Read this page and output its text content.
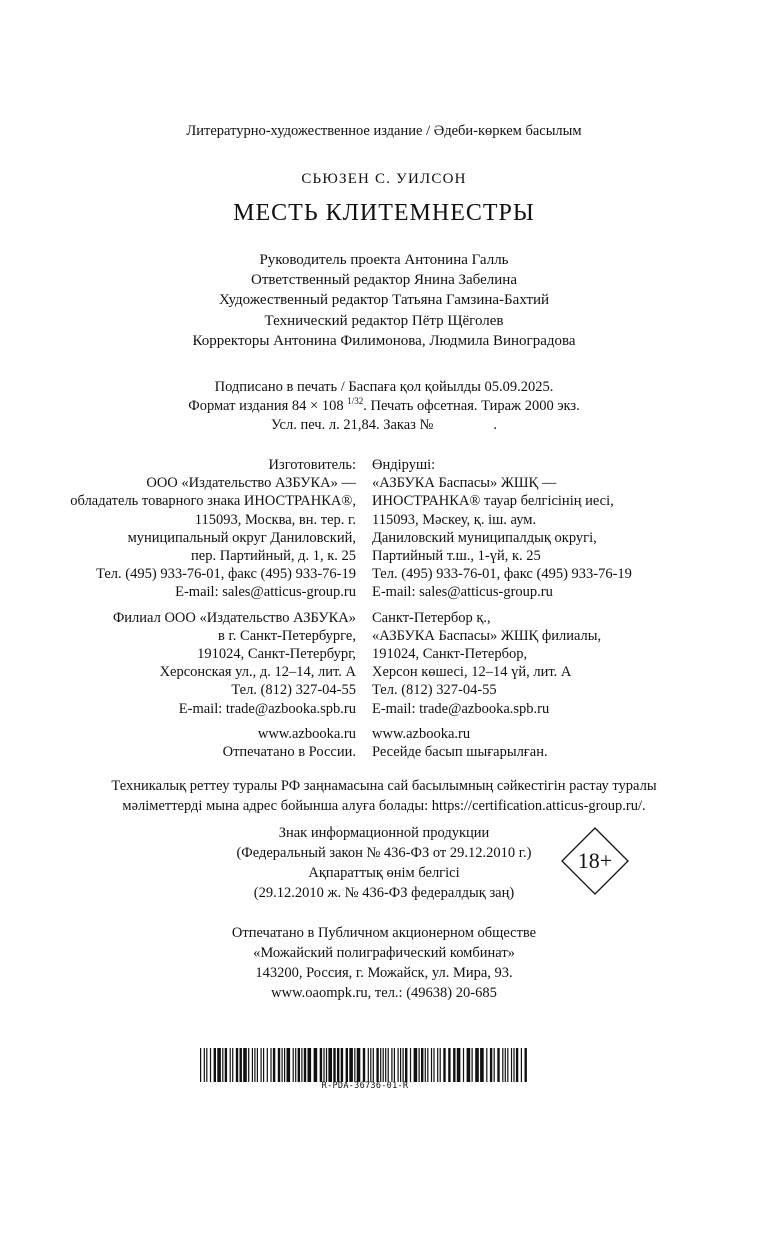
Литературно-художественное издание / Әдеби-көркем басылым
СЬЮЗЕН С. УИЛСОН
МЕСТЬ КЛИТЕМНЕСТРЫ
Руководитель проекта Антонина Галль
Ответственный редактор Янина Забелина
Художественный редактор Татьяна Гамзина-Бахтий
Технический редактор Пётр Щёголев
Корректоры Антонина Филимонова, Людмила Виноградова
Подписано в печать / Баспаға қол қойылды 05.09.2025.
Формат издания 84 × 108 $^{1/32}$. Печать офсетная. Тираж 2000 экз.
Усл. печ. л. 21,84. Заказ №	.
Изготовитель:
ООО «Издательство АЗБУКА» —
обладатель товарного знака ИНОСТРАНКА®,
115093, Москва, вн. тер. г.
муниципальный округ Даниловский,
пер. Партийный, д. 1, к. 25
Тел. (495) 933-76-01, факс (495) 933-76-19
E-mail: sales@atticus-group.ru
Өндіруші:
«АЗБУКА Баспасы» ЖШҚ —
ИНОСТРАНКА® тауар белгісінің иесі,
115093, Мәскеу, қ. іш. аум.
Даниловский муниципалдық округі,
Партийный т.ш., 1-үй, к. 25
Тел. (495) 933-76-01, факс (495) 933-76-19
E-mail: sales@atticus-group.ru
Филиал ООО «Издательство АЗБУКА»
в г. Санкт-Петербурге,
191024, Санкт-Петербург,
Херсонская ул., д. 12–14, лит. А
Тел. (812) 327-04-55
E-mail: trade@azbooka.spb.ru
Санкт-Петербор қ.,
«АЗБУКА Баспасы» ЖШҚ филиалы,
191024, Санкт-Петербор,
Херсон көшесі, 12–14 үй, лит. А
Тел. (812) 327-04-55
E-mail: trade@azbooka.spb.ru
www.azbooka.ru
Отпечатано в России.
www.azbooka.ru
Ресейде басып шығарылған.
Техникалық реттеу туралы РФ заңнамасына сай басылымның сәйкестігін растау туралы
мәліметтерді мына адрес бойынша алуға болады: https://certification.atticus-group.ru/.
Знак информационной продукции
(Федеральный закон № 436-ФЗ от 29.12.2010 г.)
Ақпараттық өнім белгісі
(29.12.2010 ж. № 436-ФЗ федералдық заң)
18+
Отпечатано в Публичном акционерном обществе
«Можайский полиграфический комбинат»
143200, Россия, г. Можайск, ул. Мира, 93.
www.oaompk.ru, тел.: (49638) 20-685
R-PDA-36736-01-R
